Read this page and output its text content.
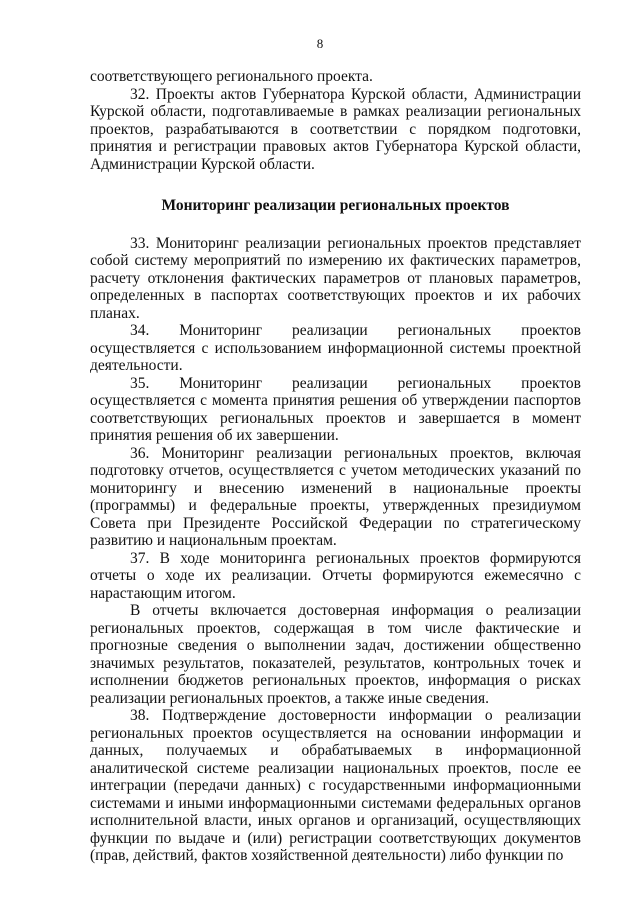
8

соответствующего регионального проекта.

32. Проекты актов Губернатора Курской области, Администрации Курской области, подготавливаемые в рамках реализации региональных проектов, разрабатываются в соответствии с порядком подготовки, принятия и регистрации правовых актов Губернатора Курской области, Администрации Курской области.

Мониторинг реализации региональных проектов

33. Мониторинг реализации региональных проектов представляет собой систему мероприятий по измерению их фактических параметров, расчету отклонения фактических параметров от плановых параметров, определенных в паспортах соответствующих проектов и их рабочих планах.

34. Мониторинг реализации региональных проектов осуществляется с использованием информационной системы проектной деятельности.

35. Мониторинг реализации региональных проектов осуществляется с момента принятия решения об утверждении паспортов соответствующих региональных проектов и завершается в момент принятия решения об их завершении.

36. Мониторинг реализации региональных проектов, включая подготовку отчетов, осуществляется с учетом методических указаний по мониторингу и внесению изменений в национальные проекты (программы) и федеральные проекты, утвержденных президиумом Совета при Президенте Российской Федерации по стратегическому развитию и национальным проектам.

37. В ходе мониторинга региональных проектов формируются отчеты о ходе их реализации. Отчеты формируются ежемесячно с нарастающим итогом.

В отчеты включается достоверная информация о реализации региональных проектов, содержащая в том числе фактические и прогнозные сведения о выполнении задач, достижении общественно значимых результатов, показателей, результатов, контрольных точек и исполнении бюджетов региональных проектов, информация о рисках реализации региональных проектов, а также иные сведения.

38. Подтверждение достоверности информации о реализации региональных проектов осуществляется на основании информации и данных, получаемых и обрабатываемых в информационной аналитической системе реализации национальных проектов, после ее интеграции (передачи данных) с государственными информационными системами и иными информационными системами федеральных органов исполнительной власти, иных органов и организаций, осуществляющих функции по выдаче и (или) регистрации соответствующих документов (прав, действий, фактов хозяйственной деятельности) либо функции по
